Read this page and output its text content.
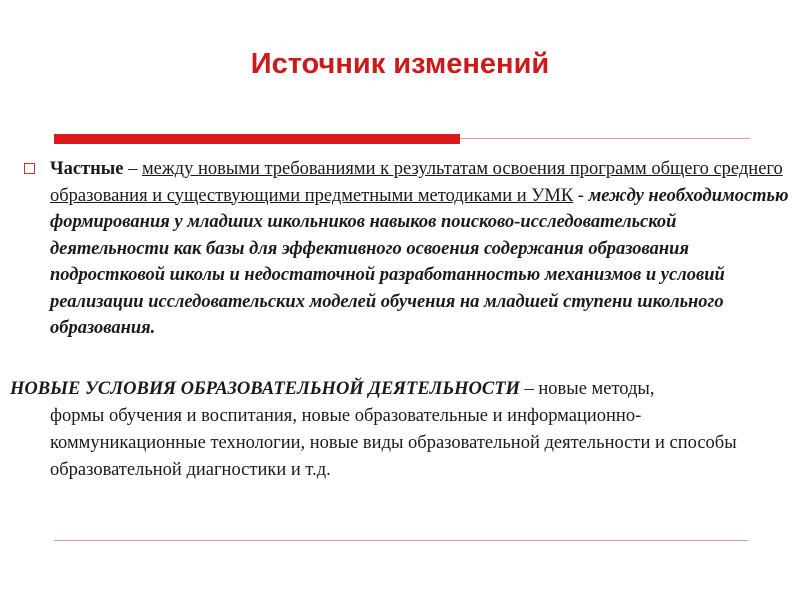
Источник изменений

Частные – между новыми требованиями к результатам освоения программ общего среднего образования и существующими предметными методиками и УМК - между необходимостью формирования у младших школьников навыков поисково-исследовательской деятельности как базы для эффективного освоения содержания образования подростковой школы и недостаточной разработанностью механизмов и условий реализации исследовательских моделей обучения на младшей ступени школьного образования.

НОВЫЕ УСЛОВИЯ ОБРАЗОВАТЕЛЬНОЙ ДЕЯТЕЛЬНОСТИ – новые методы,
формы обучения и воспитания, новые образовательные и информационно-коммуникационные технологии, новые виды образовательной деятельности и способы образовательной диагностики и т.д.
